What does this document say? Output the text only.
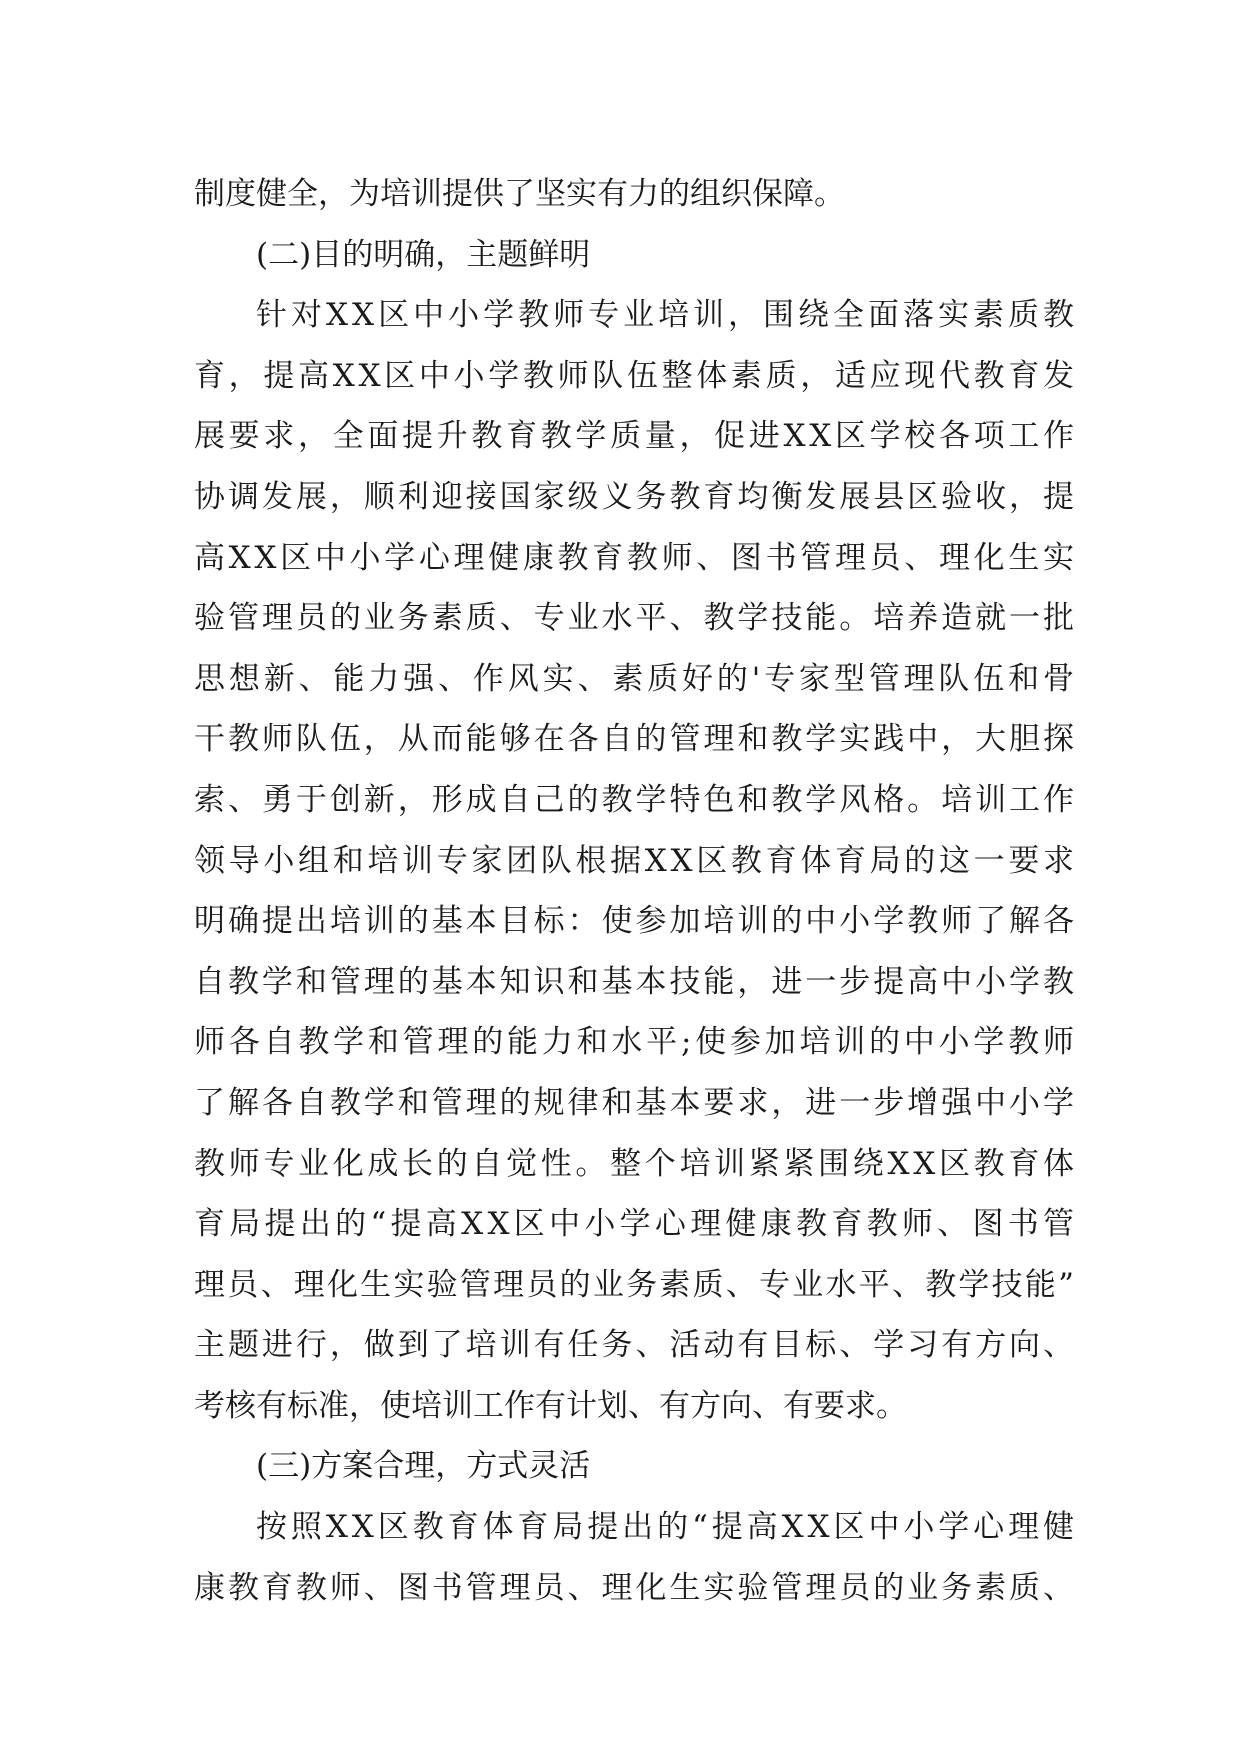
制度健全，为培训提供了坚实有力的组织保障。
(二)目的明确，主题鲜明
针对XX区中小学教师专业培训，围绕全面落实素质教
育，提高XX区中小学教师队伍整体素质，适应现代教育发
展要求，全面提升教育教学质量，促进XX区学校各项工作
协调发展，顺利迎接国家级义务教育均衡发展县区验收，提
高XX区中小学心理健康教育教师、图书管理员、理化生实
验管理员的业务素质、专业水平、教学技能。培养造就一批
思想新、能力强、作风实、素质好的'专家型管理队伍和骨
干教师队伍，从而能够在各自的管理和教学实践中，大胆探
索、勇于创新，形成自己的教学特色和教学风格。培训工作
领导小组和培训专家团队根据XX区教育体育局的这一要求
明确提出培训的基本目标：使参加培训的中小学教师了解各
自教学和管理的基本知识和基本技能，进一步提高中小学教
师各自教学和管理的能力和水平;使参加培训的中小学教师
了解各自教学和管理的规律和基本要求，进一步增强中小学
教师专业化成长的自觉性。整个培训紧紧围绕XX区教育体
育局提出的“提高XX区中小学心理健康教育教师、图书管
理员、理化生实验管理员的业务素质、专业水平、教学技能”
主题进行，做到了培训有任务、活动有目标、学习有方向、
考核有标准，使培训工作有计划、有方向、有要求。
(三)方案合理，方式灵活
按照XX区教育体育局提出的“提高XX区中小学心理健
康教育教师、图书管理员、理化生实验管理员的业务素质、
